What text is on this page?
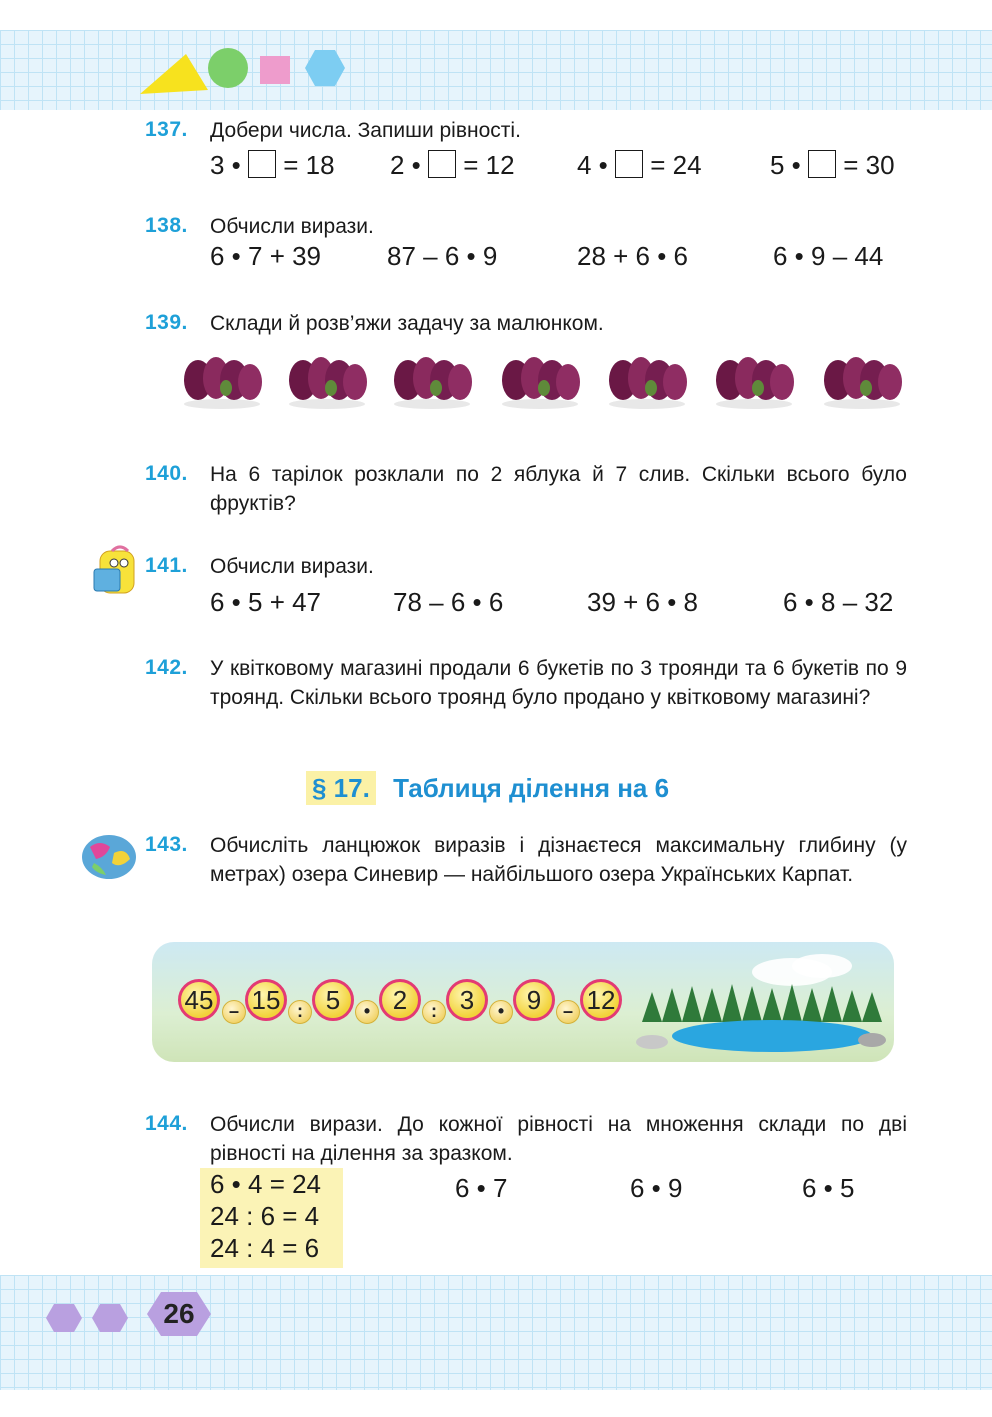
137. Добери числа. Запиши рівності.
3 •  = 18 2 •  = 12 4 •  = 24	5 •  = 30
138. Обчисли вирази.
6 • 7 + 39	87 – 6 • 9	28 + 6 • 6	6 • 9 – 44
139. Склади й розв’яжи задачу за малюнком.
140. На 6 тарілок розклали по 2 яблука й 7 слив. Скільки всього було фруктів?
141. Обчисли вирази.
6 • 5 + 47	78 – 6 • 6	39 + 6 • 8	6 • 8 – 32
142. У квітковому магазині продали 6 букетів по 3 троянди та 6 букетів по 9 троянд. Скільки всього троянд було продано у квітковому магазині?
§ 17. Таблиця ділення на 6
143. Обчисліть ланцюжок виразів і дізнаєтеся максимальну глибину (у метрах) озера Синевир — найбільшого озера Українських Карпат.
45 – 15 : 5	• 2	: 3	• 9	– 12
144. Обчисли вирази. До кожної рівності на множення склади по дві рівності на ділення за зразком.
6 • 4 = 24
24 : 6 = 4
24 : 4 = 6
6 • 7	6 • 9	6 • 5
26
